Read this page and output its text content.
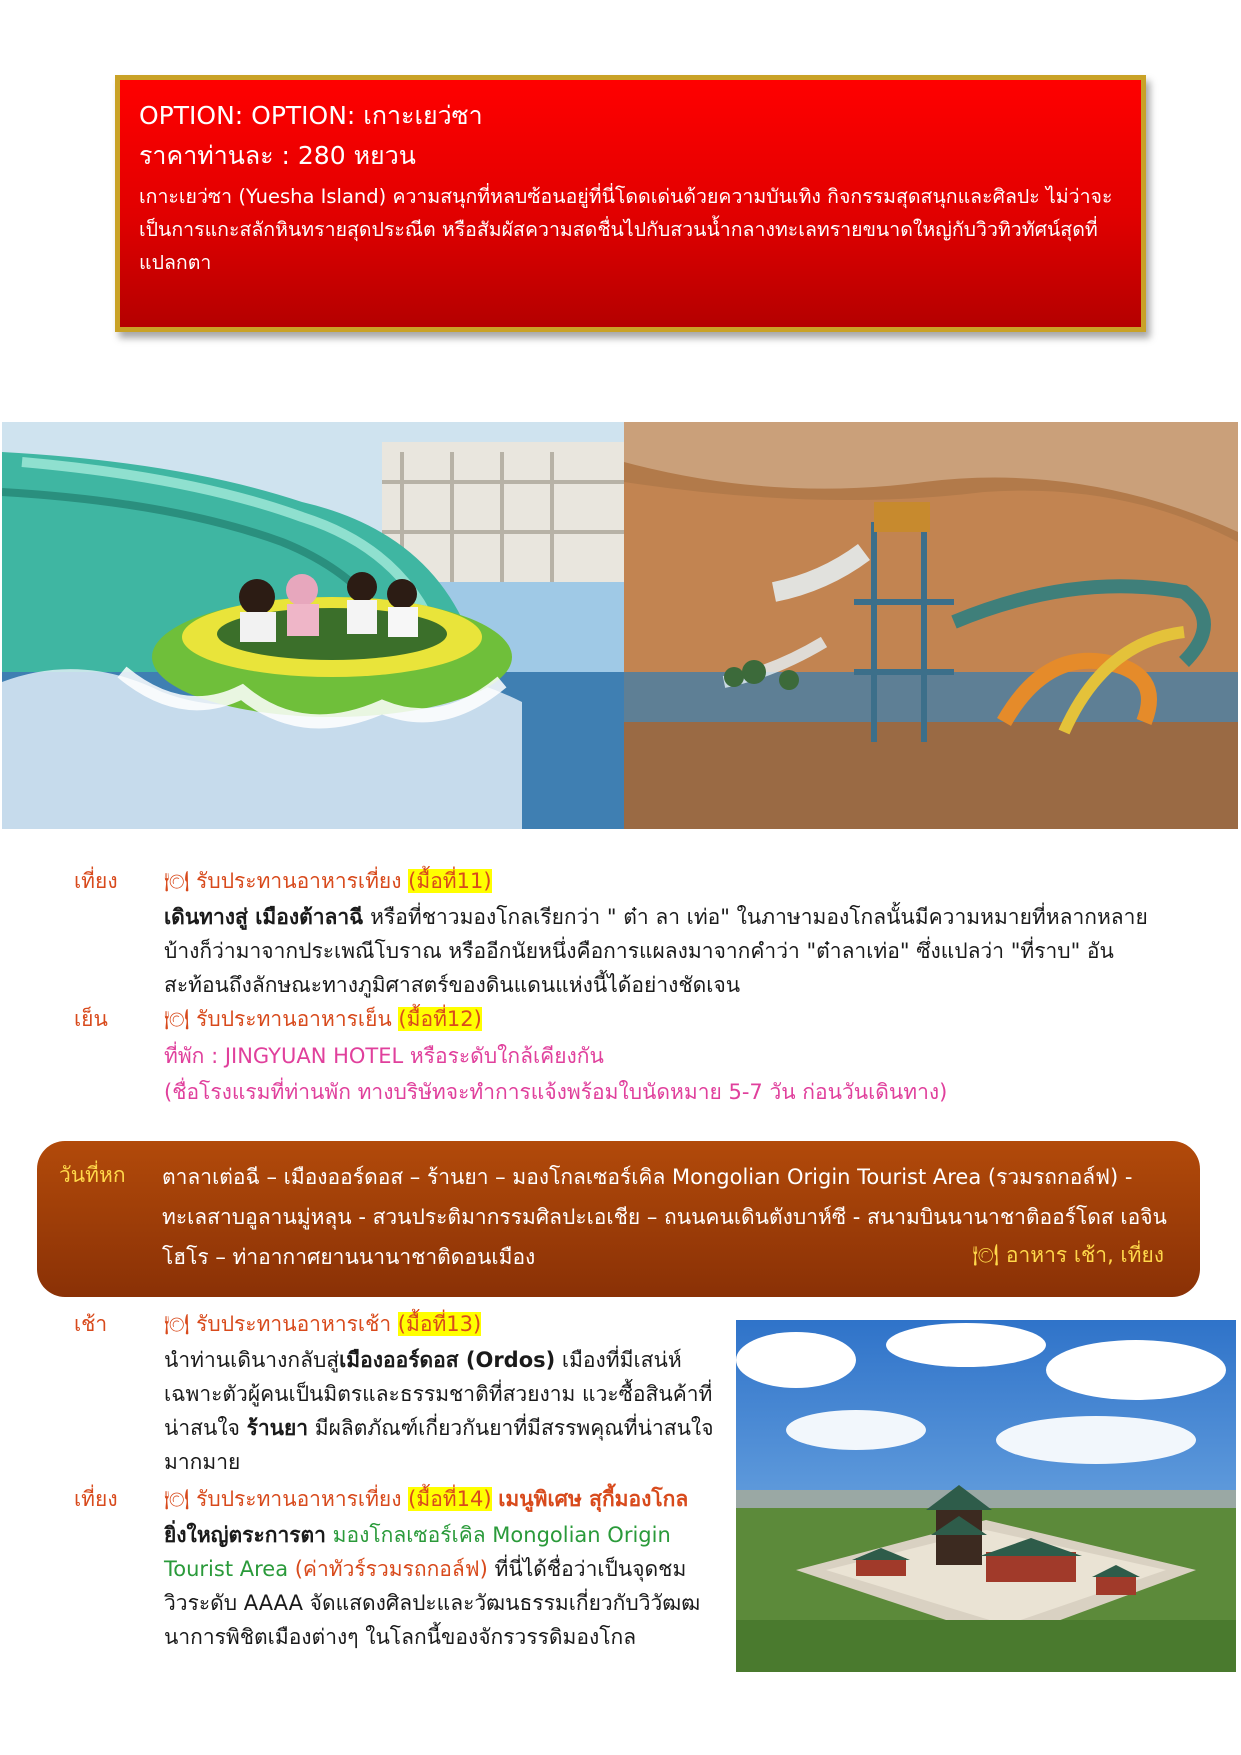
OPTION: OPTION: เกาะเยว่ซา
ราคาท่านละ : 280 หยวน
เกาะเยว่ซา (Yuesha Island) ความสนุกที่หลบซ้อนอยู่ที่นี่โดดเด่นด้วยความบันเทิง กิจกรรมสุดสนุกและศิลปะ ไม่ว่าจะเป็นการแกะสลักหินทรายสุดประณีต หรือสัมผัสความสดชื่นไปกับสวนน้ำกลางทะเลทรายขนาดใหญ่กับวิวทิวทัศน์สุดที่แปลกตา
เที่ยง 🍽 รับประทานอาหารเที่ยง (มื้อที่11)
เดินทางสู่ เมืองต้าลาฉี หรือที่ชาวมองโกลเรียกว่า " ต๋า ลา เท่อ" ในภาษามองโกลนั้นมีความหมายที่หลากหลาย บ้างก็ว่ามาจากประเพณีโบราณ หรืออีกนัยหนึ่งคือการแผลงมาจากคำว่า "ต๋าลาเท่อ" ซึ่งแปลว่า "ที่ราบ" อันสะท้อนถึงลักษณะทางภูมิศาสตร์ของดินแดนแห่งนี้ได้อย่างชัดเจน
เย็น	🍽 รับประทานอาหารเย็น (มื้อที่12)
ที่พัก : JINGYUAN HOTEL หรือระดับใกล้เคียงกัน
(ชื่อโรงแรมที่ท่านพัก ทางบริษัทจะทำการแจ้งพร้อมใบนัดหมาย 5-7 วัน ก่อนวันเดินทาง)
วันที่หก ตาลาเต่อฉี – เมืองออร์ดอส – ร้านยา – มองโกลเซอร์เคิล Mongolian Origin Tourist Area (รวมรถกอล์ฟ) - ทะเลสาบอูลานมู่หลุน - สวนประติมากรรมศิลปะเอเชีย – ถนนคนเดินตังบาห์ซี - สนามบินนานาชาติออร์โดส เอจิน โฮโร – ท่าอากาศยานนานาชาติดอนเมือง	🍽 อาหาร เช้า, เที่ยง
เช้า	🍽 รับประทานอาหารเช้า (มื้อที่13)
นำท่านเดินางกลับสู่เมืองออร์ดอส (Ordos) เมืองที่มีเสน่ห์เฉพาะตัวผู้คนเป็นมิตรและธรรมชาติที่สวยงาม แวะซื้อสินค้าที่น่าสนใจ ร้านยา มีผลิตภัณฑ์เกี่ยวกันยาที่มีสรรพคุณที่น่าสนใจมากมาย
เที่ยง 🍽 รับประทานอาหารเที่ยง (มื้อที่14) เมนูพิเศษ สุกี้มองโกล
ยิ่งใหญ่ตระการตา มองโกลเซอร์เคิล Mongolian Origin Tourist Area (ค่าทัวร์รวมรถกอล์ฟ) ที่นี่ได้ชื่อว่าเป็นจุดชมวิวระดับ AAAA จัดแสดงศิลปะและวัฒนธรรมเกี่ยวกับวิวัฒฒนาการพิชิตเมืองต่างๆ ในโลกนี้ของจักรวรรดิมองโกล
